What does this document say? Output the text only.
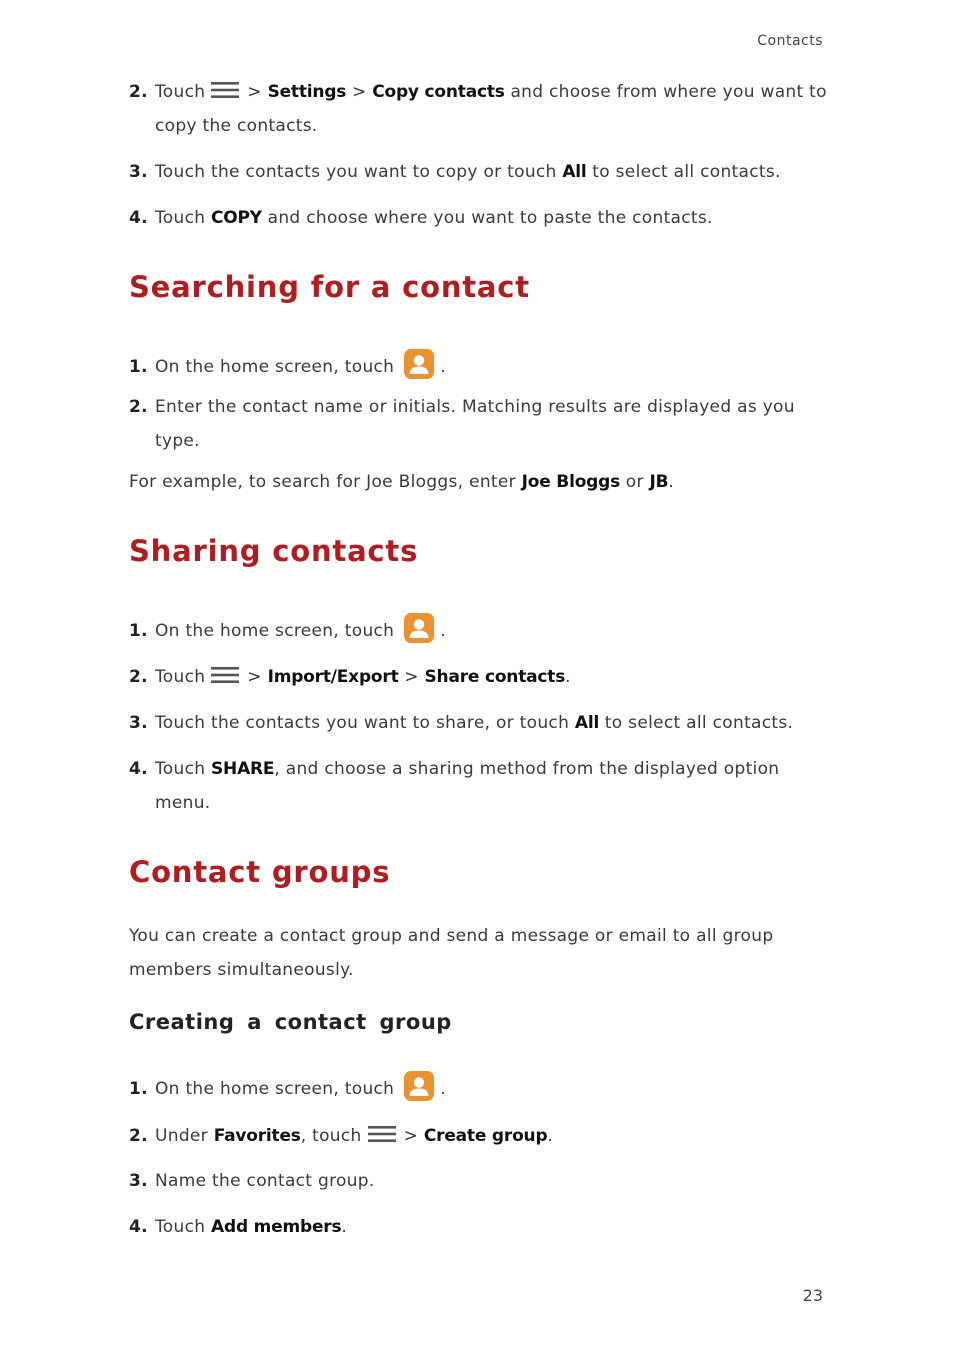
Contacts
2. Touch > Settings > Copy contacts and choose from where you want to
copy the contacts.
3. Touch the contacts you want to copy or touch All to select all contacts.
4. Touch COPY and choose where you want to paste the contacts.
Searching for a contact
1. On the home screen, touch	.
2. Enter the contact name or initials. Matching results are displayed as you
type.
For example, to search for Joe Bloggs, enter Joe Bloggs or JB.
Sharing contacts
1. On the home screen, touch	.
2. Touch > Import/Export > Share contacts.
3. Touch the contacts you want to share, or touch All to select all contacts.
4. Touch SHARE, and choose a sharing method from the displayed option
menu.
Contact groups
You can create a contact group and send a message or email to all group
members simultaneously.
Creating a contact group
1. On the home screen, touch	.
2. Under Favorites, touch > Create group.
3. Name the contact group.
4. Touch Add members.
23
